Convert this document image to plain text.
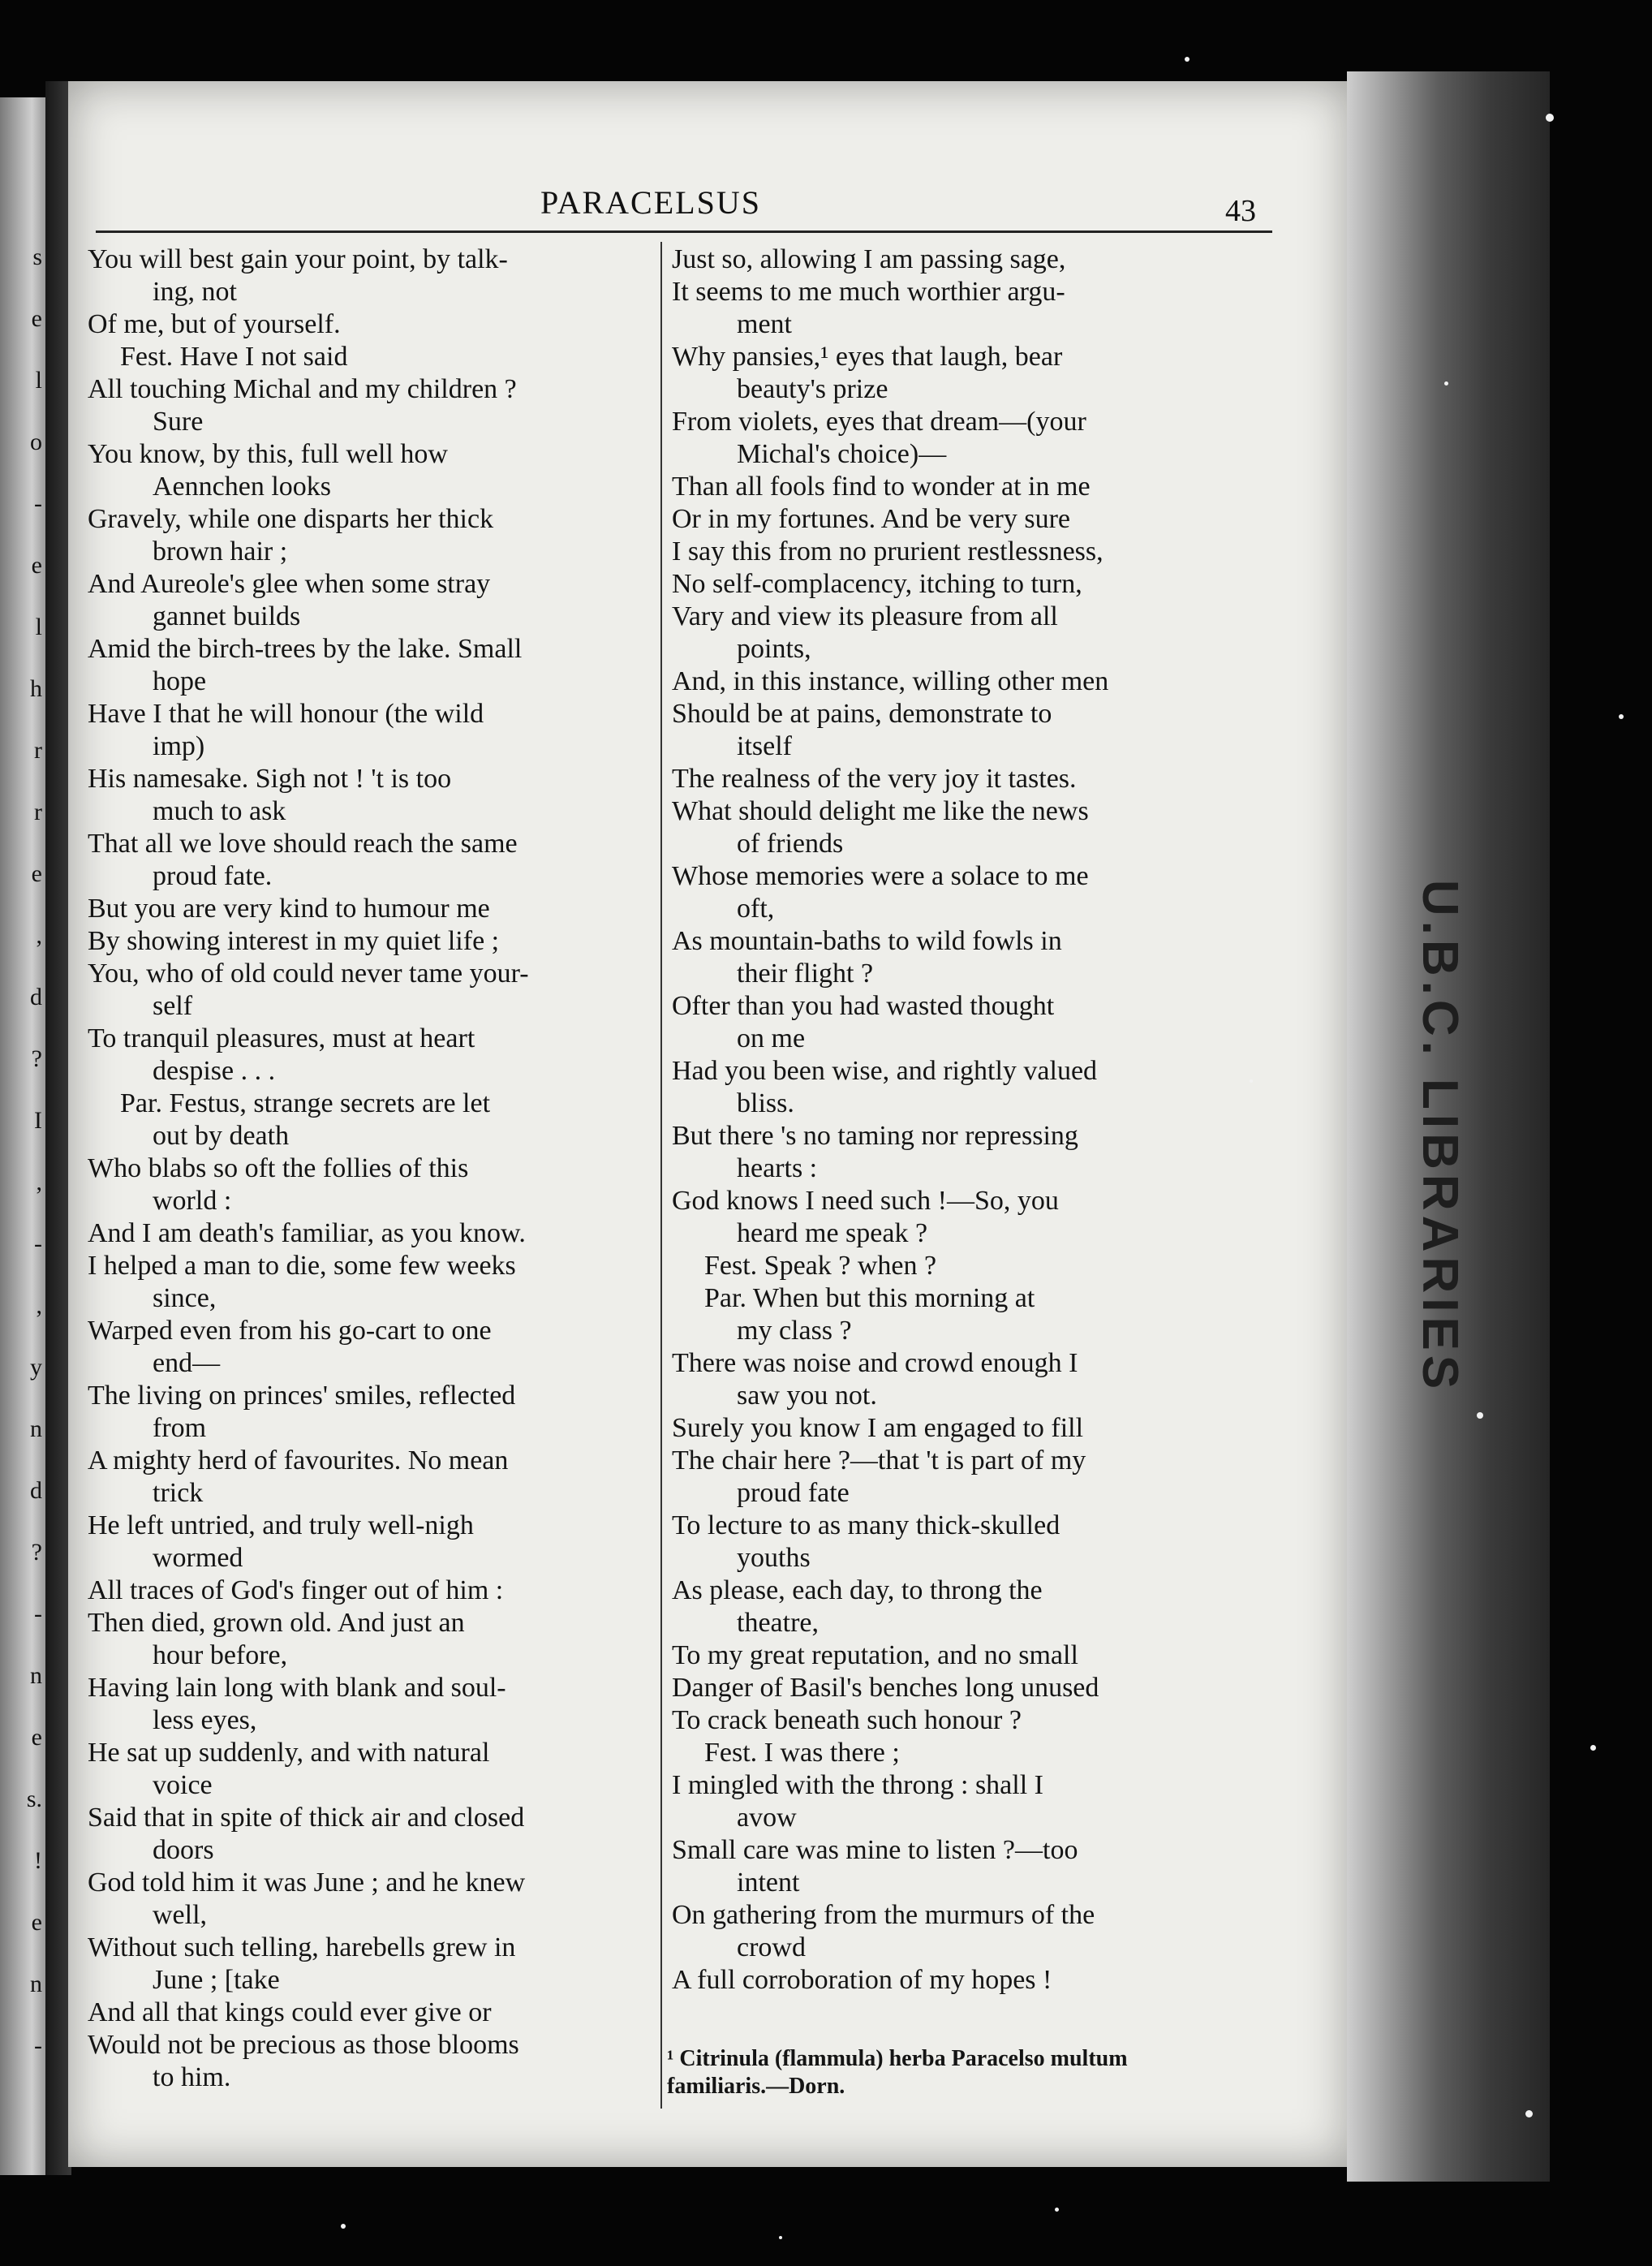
s
e
l
o
-
e
l
h
r
r
e
,
d
?
I
,
-
,
y
n
d
?
-
n
e
s.
!
e
n
-
U.B.C. LIBRARIES
PARACELSUS	43
You will best gain your point, by talk-
ing, not
Of me, but of yourself.
Fest. Have I not said
All touching Michal and my children ?
Sure
You know, by this, full well how
Aennchen looks
Gravely, while one disparts her thick
brown hair ;
And Aureole's glee when some stray
gannet builds
Amid the birch-trees by the lake. Small
hope
Have I that he will honour (the wild
imp)
His namesake. Sigh not ! 't is too
much to ask
That all we love should reach the same
proud fate.
But you are very kind to humour me
By showing interest in my quiet life ;
You, who of old could never tame your-
self
To tranquil pleasures, must at heart
despise . . .
Par. Festus, strange secrets are let
out by death
Who blabs so oft the follies of this
world :
And I am death's familiar, as you know.
I helped a man to die, some few weeks
since,
Warped even from his go-cart to one
end—
The living on princes' smiles, reflected
from
A mighty herd of favourites. No mean
trick
He left untried, and truly well-nigh
wormed
All traces of God's finger out of him :
Then died, grown old. And just an
hour before,
Having lain long with blank and soul-
less eyes,
He sat up suddenly, and with natural
voice
Said that in spite of thick air and closed
doors
God told him it was June ; and he knew
well,
Without such telling, harebells grew in
June ; [take
And all that kings could ever give or
Would not be precious as those blooms
to him.
Just so, allowing I am passing sage,
It seems to me much worthier argu-
ment
Why pansies,¹ eyes that laugh, bear
beauty's prize
From violets, eyes that dream—(your
Michal's choice)—
Than all fools find to wonder at in me
Or in my fortunes. And be very sure
I say this from no prurient restlessness,
No self-complacency, itching to turn,
Vary and view its pleasure from all
points,
And, in this instance, willing other men
Should be at pains, demonstrate to
itself
The realness of the very joy it tastes.
What should delight me like the news
of friends
Whose memories were a solace to me
oft,
As mountain-baths to wild fowls in
their flight ?
Ofter than you had wasted thought
on me
Had you been wise, and rightly valued
bliss.
But there 's no taming nor repressing
hearts :
God knows I need such !—So, you
heard me speak ?
Fest. Speak ? when ?
Par. When but this morning at
my class ?
There was noise and crowd enough I
saw you not.
Surely you know I am engaged to fill
The chair here ?—that 't is part of my
proud fate
To lecture to as many thick-skulled
youths
As please, each day, to throng the
theatre,
To my great reputation, and no small
Danger of Basil's benches long unused
To crack beneath such honour ?
Fest. I was there ;
I mingled with the throng : shall I
avow
Small care was mine to listen ?—too
intent
On gathering from the murmurs of the
crowd
A full corroboration of my hopes !
¹ Citrinula (flammula) herba Paracelso multum
familiaris.—Dorn.
